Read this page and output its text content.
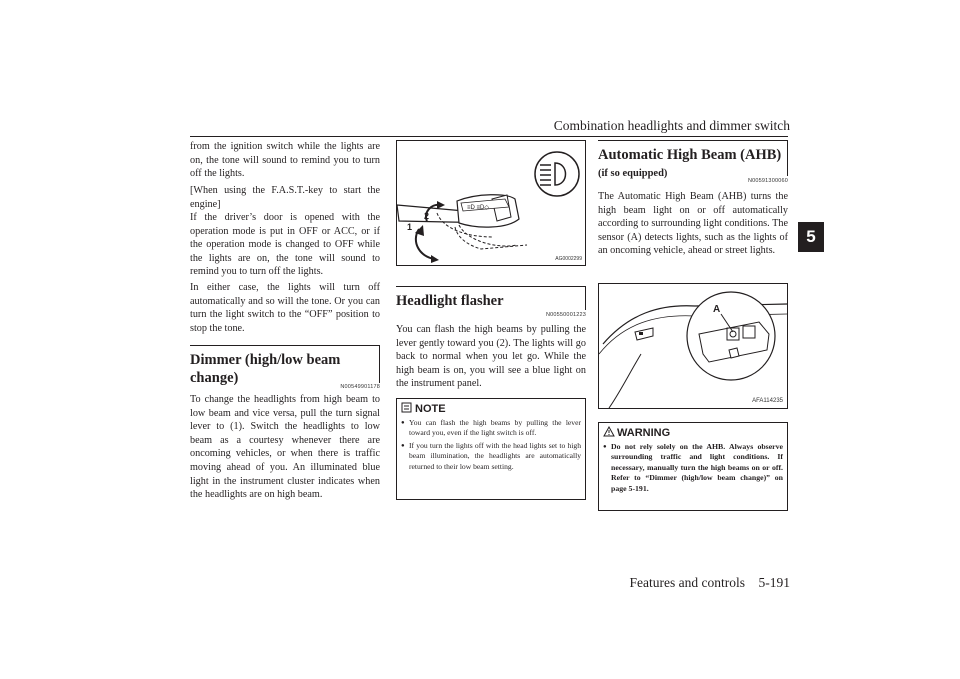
Combination headlights and dimmer switch
5

from the ignition switch while the lights are on, the tone will sound to remind you to turn off the lights.

[When using the F.A.S.T.-key to start the engine]

If the driver’s door is opened with the operation mode is put in OFF or ACC, or if the operation mode is changed to OFF while the lights are on, the tone will sound to remind you to turn off the lights.

In either case, the lights will turn off automatically and so will the tone. Or you can turn the light switch to the “OFF” position to stop the tone.

Dimmer (high/low beam change)
N00549901178

To change the headlights from high beam to low beam and vice versa, pull the turn signal lever to (1). Switch the headlights to low beam as a courtesy whenever there are oncoming vehicles, or when there is traffic moving ahead of you. An illuminated blue light in the instrument cluster indicates when the headlights are on high beam.

≡D ≡D◇
1
2
AG0002299
Headlight flasher
N00550001223

You can flash the high beams by pulling the lever gently toward you (2). The lights will go back to normal when you let go. While the high beam is on, you will see a blue light on the instrument panel.

NOTE
● You can flash the high beams by pulling the lever toward you, even if the light switch is off.
● If you turn the lights off with the head lights set to high beam illumination, the headlights are automatically returned to their low beam setting.
Automatic High Beam (AHB) (if so equipped)
N00591300060

The Automatic High Beam (AHB) turns the high beam light on or off automatically according to surrounding light conditions. The sensor (A) detects lights, such as the lights of an oncoming vehicle, ahead or street lights.

A
AFA114235
WARNING
● Do not rely solely on the AHB. Always observe surrounding traffic and light conditions. If necessary, manually turn the high beams on or off. Refer to “Dimmer (high/low beam change)” on page 5-191.
Features and controls 5-191
